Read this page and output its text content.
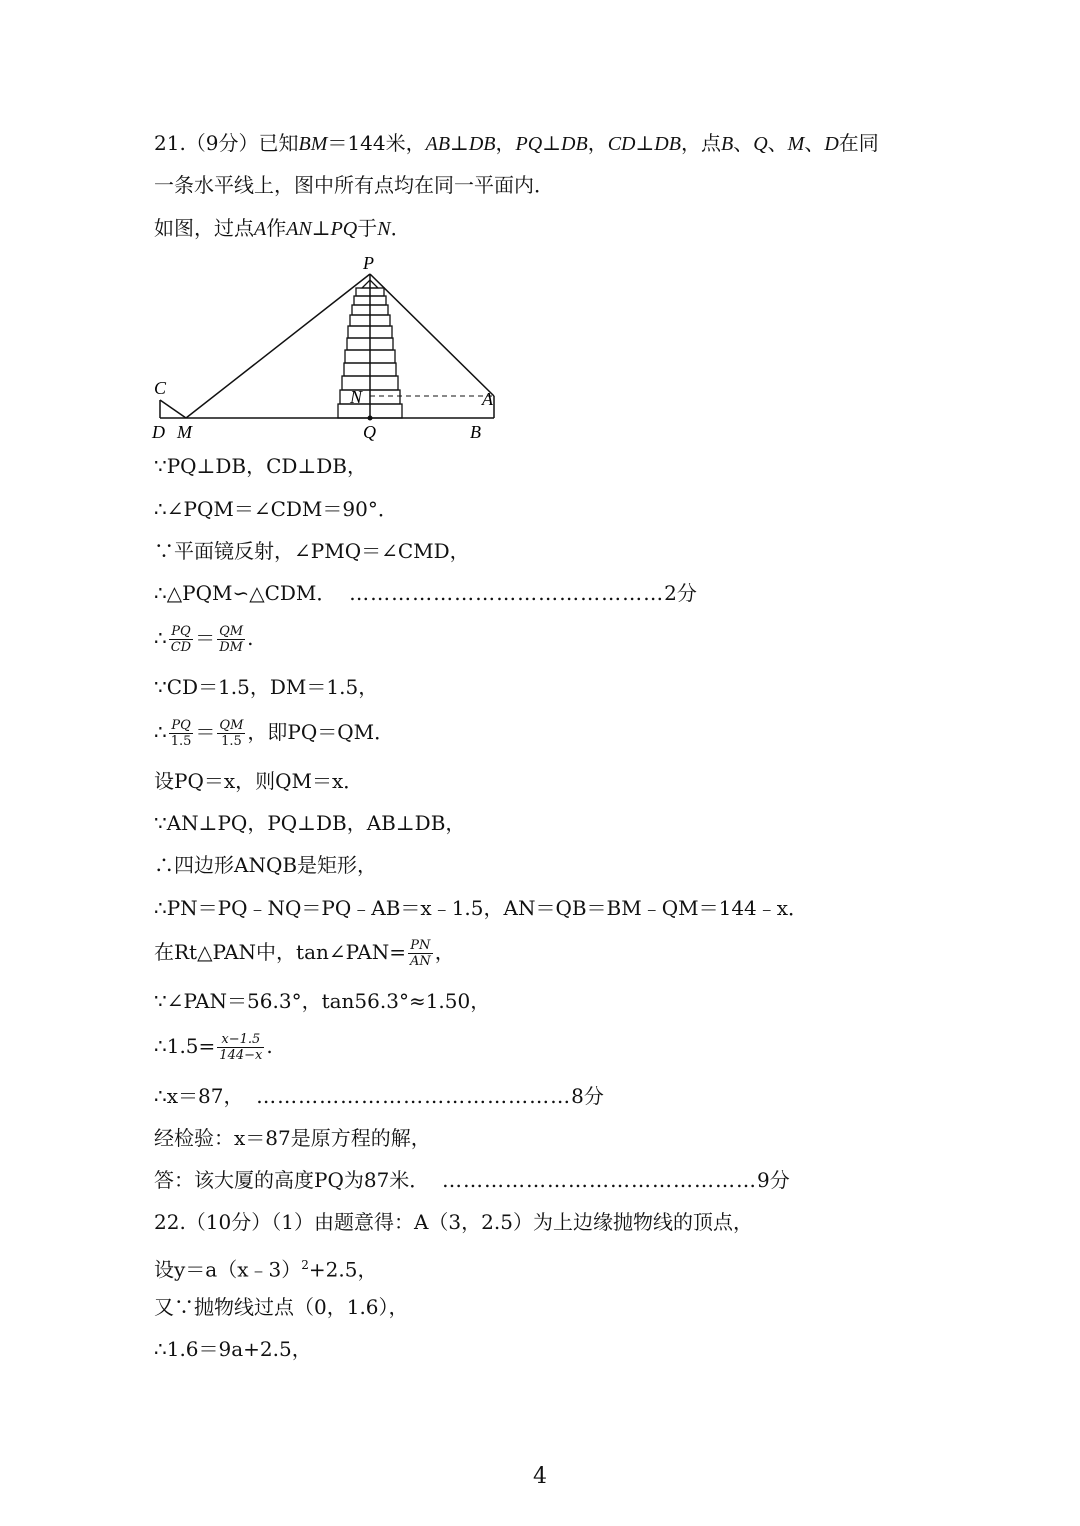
21.（9分）已知BM＝144米，AB⊥DB，PQ⊥DB，CD⊥DB，点B、Q、M、D在同
一条水平线上，图中所有点均在同一平面内．
如图，过点A作AN⊥PQ于N．
P
C
D M
N
Q
A
B
∵PQ⊥DB，CD⊥DB，
∴∠PQM＝∠CDM＝90°．
∵平面镜反射，∠PMQ＝∠CMD，
∴△PQM∽△CDM． ………………………………………2分
∴ $\frac{PQ}{CD} = \frac{QM}{DM}$ .
∵CD＝1.5，DM＝1.5，
∴ $\frac{PQ}{1.5} = \frac{QM}{1.5}$ ，即PQ＝QM．
设PQ＝x，则QM＝x．
∵AN⊥PQ，PQ⊥DB，AB⊥DB，
∴四边形ANQB是矩形，
∴PN＝PQ﹣NQ＝PQ﹣AB＝x﹣1.5，AN＝QB＝BM﹣QM＝144﹣x．
在Rt△PAN中，tan∠PAN= $\frac{PN}{AN}$ ，
∵∠PAN＝56.3°，tan56.3°≈1.50，
∴1.5= $\frac{x-1.5}{144-x}$ .
∴x＝87， ………………………………………8分
经检验：x＝87是原方程的解，
答：该大厦的高度PQ为87米． ………………………………………9分
22.（10分）（1）由题意得：A（3，2.5）为上边缘抛物线的顶点，
设y＝a（x﹣3）$^2$+2.5，
又∵抛物线过点（0，1.6），
∴1.6＝9a+2.5，
4
